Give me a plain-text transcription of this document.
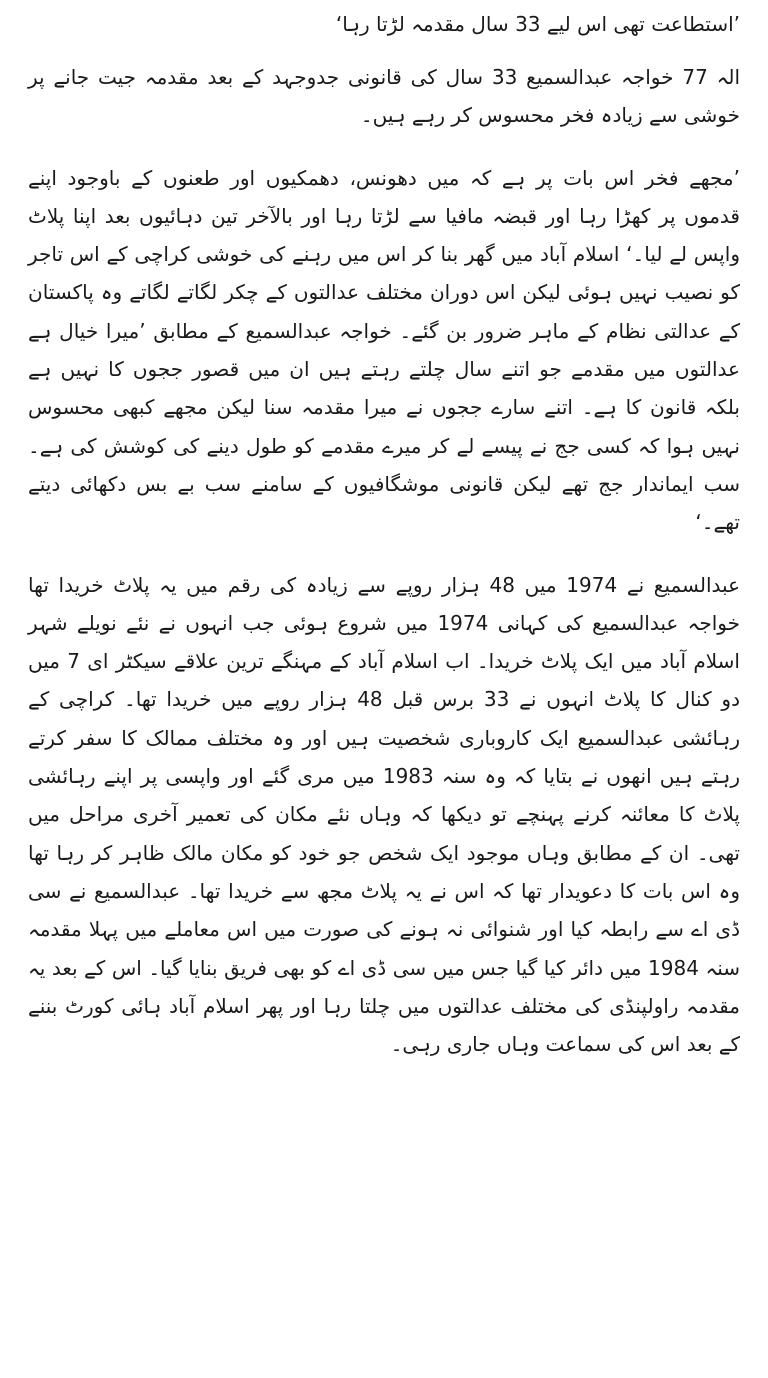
’استطاعت تھی اس لیے 33 سال مقدمہ لڑتا رہا‘

الہ 77 خواجہ عبدالسمیع 33 سال کی قانونی جدوجہد کے بعد مقدمہ جیت جانے پر خوشی سے زیادہ فخر محسوس کر رہے ہیں۔

’مجھے فخر اس بات پر ہے کہ میں دھونس، دھمکیوں اور طعنوں کے باوجود اپنے قدموں پر کھڑا رہا اور قبضہ مافیا سے لڑتا رہا اور بالآخر تین دہائیوں بعد اپنا پلاٹ واپس لے لیا۔‘ اسلام آباد میں گھر بنا کر اس میں رہنے کی خوشی کراچی کے اس تاجر کو نصیب نہیں ہوئی لیکن اس دوران مختلف عدالتوں کے چکر لگاتے لگاتے وہ پاکستان کے عدالتی نظام کے ماہر ضرور بن گئے۔ خواجہ عبدالسمیع کے مطابق ’میرا خیال ہے عدالتوں میں مقدمے جو اتنے سال چلتے رہتے ہیں ان میں قصور ججوں کا نہیں ہے بلکہ قانون کا ہے۔ اتنے سارے ججوں نے میرا مقدمہ سنا لیکن مجھے کبھی محسوس نہیں ہوا کہ کسی جج نے پیسے لے کر میرے مقدمے کو طول دینے کی کوشش کی ہے۔ سب ایماندار جج تھے لیکن قانونی موشگافیوں کے سامنے سب بے بس دکھائی دیتے تھے۔‘

عبدالسمیع نے 1974 میں 48 ہزار روپے سے زیادہ کی رقم میں یہ پلاٹ خریدا تھا خواجہ عبدالسمیع کی کہانی 1974 میں شروع ہوئی جب انہوں نے نئے نویلے شہر اسلام آباد میں ایک پلاٹ خریدا۔ اب اسلام آباد کے مہنگے ترین علاقے سیکٹر ای 7 میں دو کنال کا پلاٹ انہوں نے 33 برس قبل 48 ہزار روپے میں خریدا تھا۔ کراچی کے رہائشی عبدالسمیع ایک کاروباری شخصیت ہیں اور وہ مختلف ممالک کا سفر کرتے رہتے ہیں انھوں نے بتایا کہ وہ سنہ 1983 میں مری گئے اور واپسی پر اپنے رہائشی پلاٹ کا معائنہ کرنے پہنچے تو دیکھا کہ وہاں نئے مکان کی تعمیر آخری مراحل میں تھی۔ ان کے مطابق وہاں موجود ایک شخص جو خود کو مکان مالک ظاہر کر رہا تھا وہ اس بات کا دعویدار تھا کہ اس نے یہ پلاٹ مجھ سے خریدا تھا۔ عبدالسمیع نے سی ڈی اے سے رابطہ کیا اور شنوائی نہ ہونے کی صورت میں اس معاملے میں پہلا مقدمہ سنہ 1984 میں دائر کیا گیا جس میں سی ڈی اے کو بھی فریق بنایا گیا۔ اس کے بعد یہ مقدمہ راولپنڈی کی مختلف عدالتوں میں چلتا رہا اور پھر اسلام آباد ہائی کورٹ بننے کے بعد اس کی سماعت وہاں جاری رہی۔
